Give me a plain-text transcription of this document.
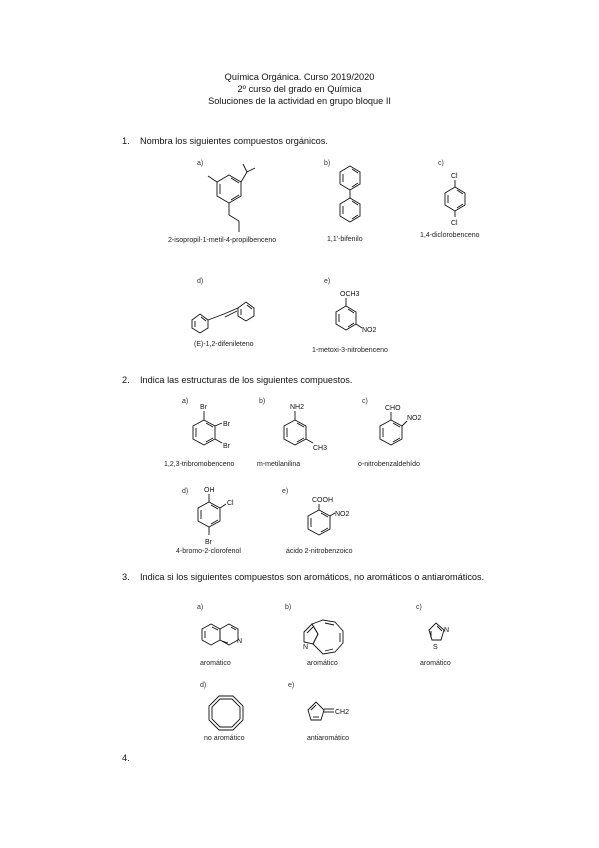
Química Orgánica. Curso 2019/2020
2º curso del grado en Química
Soluciones de la actividad en grupo bloque II
1. Nombra los siguientes compuestos orgánicos.
a)
2-isopropil-1-metil-4-propilbenceno
b)
1,1'-bifenilo
c)
Cl
Cl
1,4-diclorobenceno
d)
(E)-1,2-difenileteno
e)
OCH3
NO2
1-metoxi-3-nitrobenceno
2. Indica las estructuras de los siguientes compuestos.
a)
Br
Br
Br
1,2,3-tribromobenceno
b)
NH2
CH3
m-metilanilina
c)
CHO
NO2
o-nitrobenzaldehído
d) OH
Cl
Br
4-bromo-2-clorofenol
e)
COOH
NO2
ácido 2-nitrobenzoico
3.	Indica si los siguientes compuestos son aromáticos, no aromáticos o antiaromáticos.
a)
N
aromático
b)
N
aromático
c)
N
S
aromático
d)
no aromático
e)
CH2
antiaromático
4.
